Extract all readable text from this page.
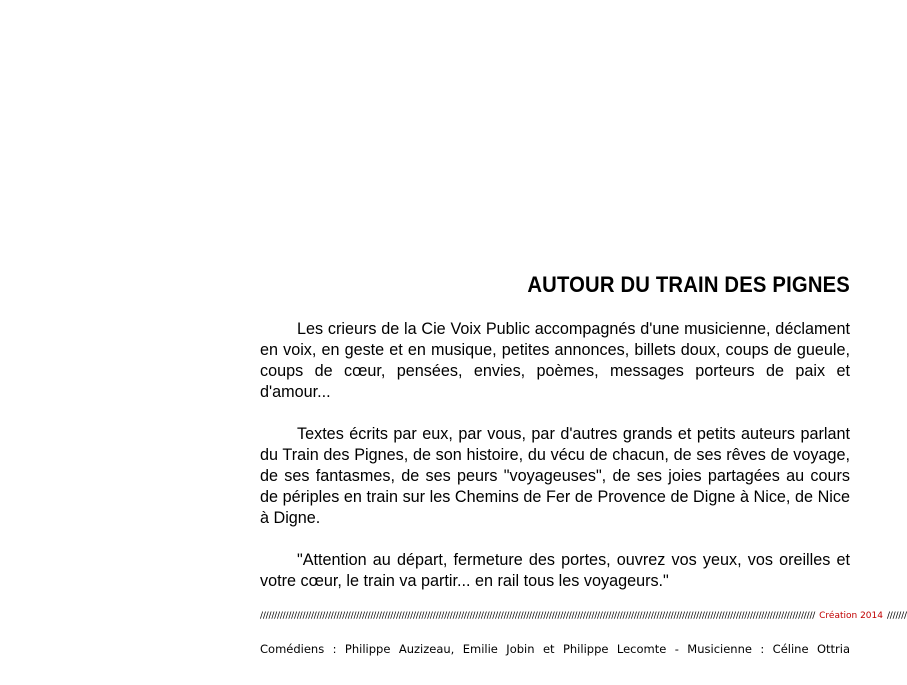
AUTOUR DU TRAIN DES PIGNES

Les crieurs de la Cie Voix Public accompagnés d'une musicienne, déclament en voix, en geste et en musique, petites annonces, billets doux, coups de gueule, coups de cœur, pensées, envies, poèmes, messages porteurs de paix et d'amour...

Textes écrits par eux, par vous, par d'autres grands et petits auteurs parlant du Train des Pignes, de son histoire, du vécu de chacun, de ses rêves de voyage, de ses fantasmes, de ses peurs "voyageuses", de ses joies partagées au cours de périples en train sur les Chemins de Fer de Provence de Digne à Nice, de Nice à Digne.

"Attention au départ, fermeture des portes, ouvrez vos yeux, vos oreilles et votre cœur, le train va partir... en rail tous les voyageurs."

//////////////////////////////////////////////////////////////////////////////////////////////////////////////////////////////////////////////////////////////////////////////////////////////////// Création 2014 ///////
Comédiens : Philippe Auzizeau, Emilie Jobin et Philippe Lecomte - Musicienne : Céline Ottria
